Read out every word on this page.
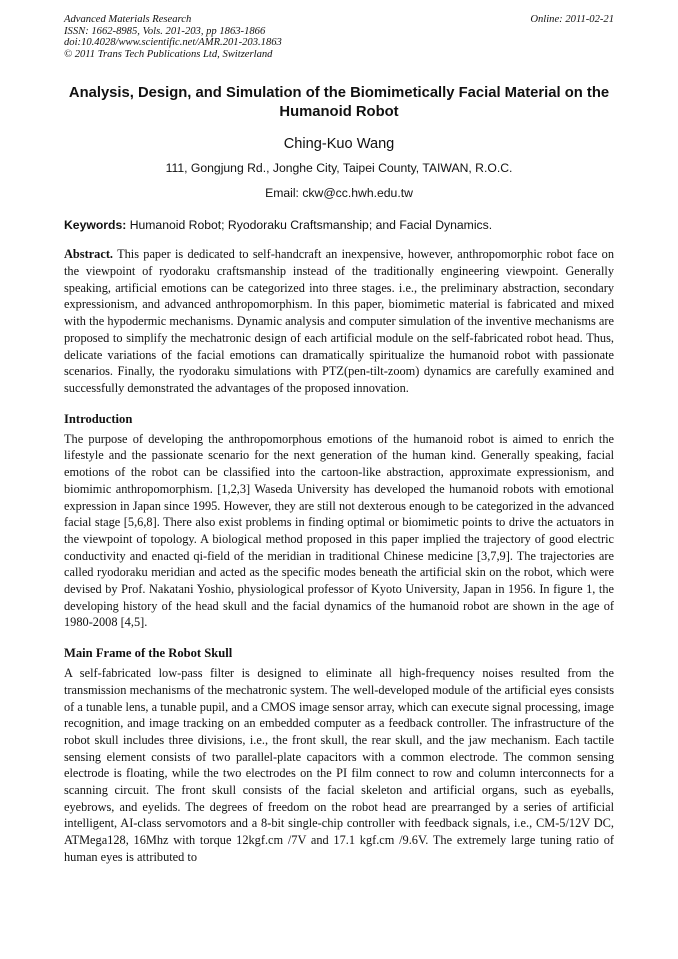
Advanced Materials Research
ISSN: 1662-8985, Vols. 201-203, pp 1863-1866
doi:10.4028/www.scientific.net/AMR.201-203.1863
© 2011 Trans Tech Publications Ltd, Switzerland
Online: 2011-02-21
Analysis, Design, and Simulation of the Biomimetically Facial Material on the Humanoid Robot
Ching-Kuo Wang
111, Gongjung Rd., Jonghe City, Taipei County, TAIWAN, R.O.C.
Email: ckw@cc.hwh.edu.tw
Keywords: Humanoid Robot; Ryodoraku Craftsmanship; and Facial Dynamics.

Abstract. This paper is dedicated to self-handcraft an inexpensive, however, anthropomorphic robot face on the viewpoint of ryodoraku craftsmanship instead of the traditionally engineering viewpoint. Generally speaking, artificial emotions can be categorized into three stages. i.e., the preliminary abstraction, secondary expressionism, and advanced anthropomorphism. In this paper, biomimetic material is fabricated and mixed with the hypodermic mechanisms. Dynamic analysis and computer simulation of the inventive mechanisms are proposed to simplify the mechatronic design of each artificial module on the self-fabricated robot head. Thus, delicate variations of the facial emotions can dramatically spiritualize the humanoid robot with passionate scenarios. Finally, the ryodoraku simulations with PTZ(pen-tilt-zoom) dynamics are carefully examined and successfully demonstrated the advantages of the proposed innovation.

Introduction

The purpose of developing the anthropomorphous emotions of the humanoid robot is aimed to enrich the lifestyle and the passionate scenario for the next generation of the human kind. Generally speaking, facial emotions of the robot can be classified into the cartoon-like abstraction, approximate expressionism, and biomimic anthropomorphism. [1,2,3] Waseda University has developed the humanoid robots with emotional expression in Japan since 1995. However, they are still not dexterous enough to be categorized in the advanced facial stage [5,6,8]. There also exist problems in finding optimal or biomimetic points to drive the actuators in the viewpoint of topology. A biological method proposed in this paper implied the trajectory of good electric conductivity and enacted qi-field of the meridian in traditional Chinese medicine [3,7,9]. The trajectories are called ryodoraku meridian and acted as the specific modes beneath the artificial skin on the robot, which were devised by Prof. Nakatani Yoshio, physiological professor of Kyoto University, Japan in 1956. In figure 1, the developing history of the head skull and the facial dynamics of the humanoid robot are shown in the age of 1980-2008 [4,5].

Main Frame of the Robot Skull

A self-fabricated low-pass filter is designed to eliminate all high-frequency noises resulted from the transmission mechanisms of the mechatronic system. The well-developed module of the artificial eyes consists of a tunable lens, a tunable pupil, and a CMOS image sensor array, which can execute signal processing, image recognition, and image tracking on an embedded computer as a feedback controller. The infrastructure of the robot skull includes three divisions, i.e., the front skull, the rear skull, and the jaw mechanism. Each tactile sensing element consists of two parallel-plate capacitors with a common electrode. The common sensing electrode is floating, while the two electrodes on the PI film connect to row and column interconnects for a scanning circuit. The front skull consists of the facial skeleton and artificial organs, such as eyeballs, eyebrows, and eyelids. The degrees of freedom on the robot head are prearranged by a series of artificial intelligent, AI-class servomotors and a 8-bit single-chip controller with feedback signals, i.e., CM-5/12V DC, ATMega128, 16Mhz with torque 12kgf.cm /7V and 17.1 kgf.cm /9.6V. The extremely large tuning ratio of human eyes is attributed to
